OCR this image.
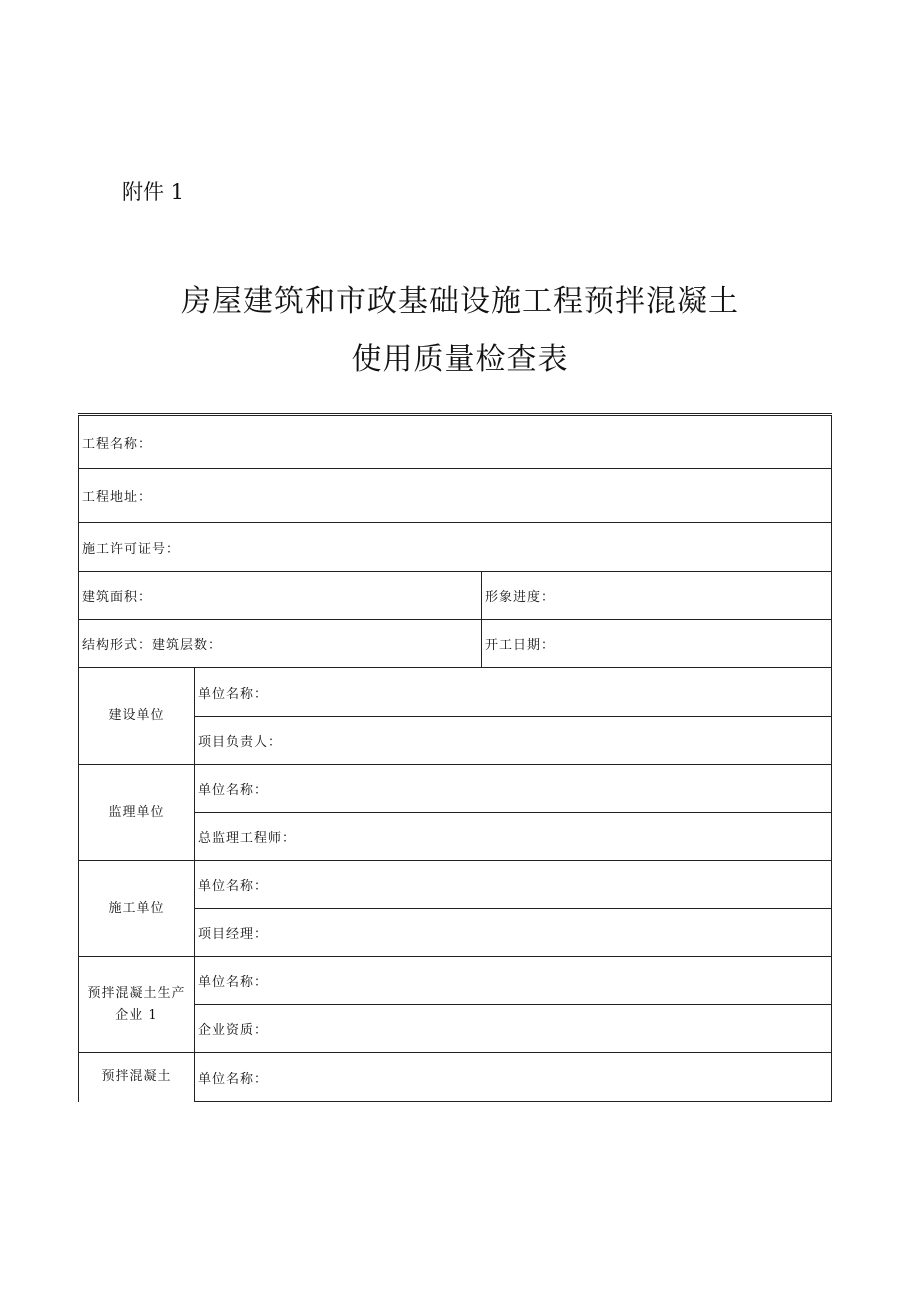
附件 1
房屋建筑和市政基础设施工程预拌混凝土
使用质量检查表
工程名称：		
工程地址：		
施工许可证号：		
建筑面积：		形象进度：
结构形式：建筑层数：		开工日期：
建设单位	单位名称：	
	项目负责人：	
监理单位	单位名称：	
	总监理工程师：	
施工单位	单位名称：	
	项目经理：	
预拌混凝土生产企业 1	单位名称：	
	企业资质：	
预拌混凝土	单位名称：	
